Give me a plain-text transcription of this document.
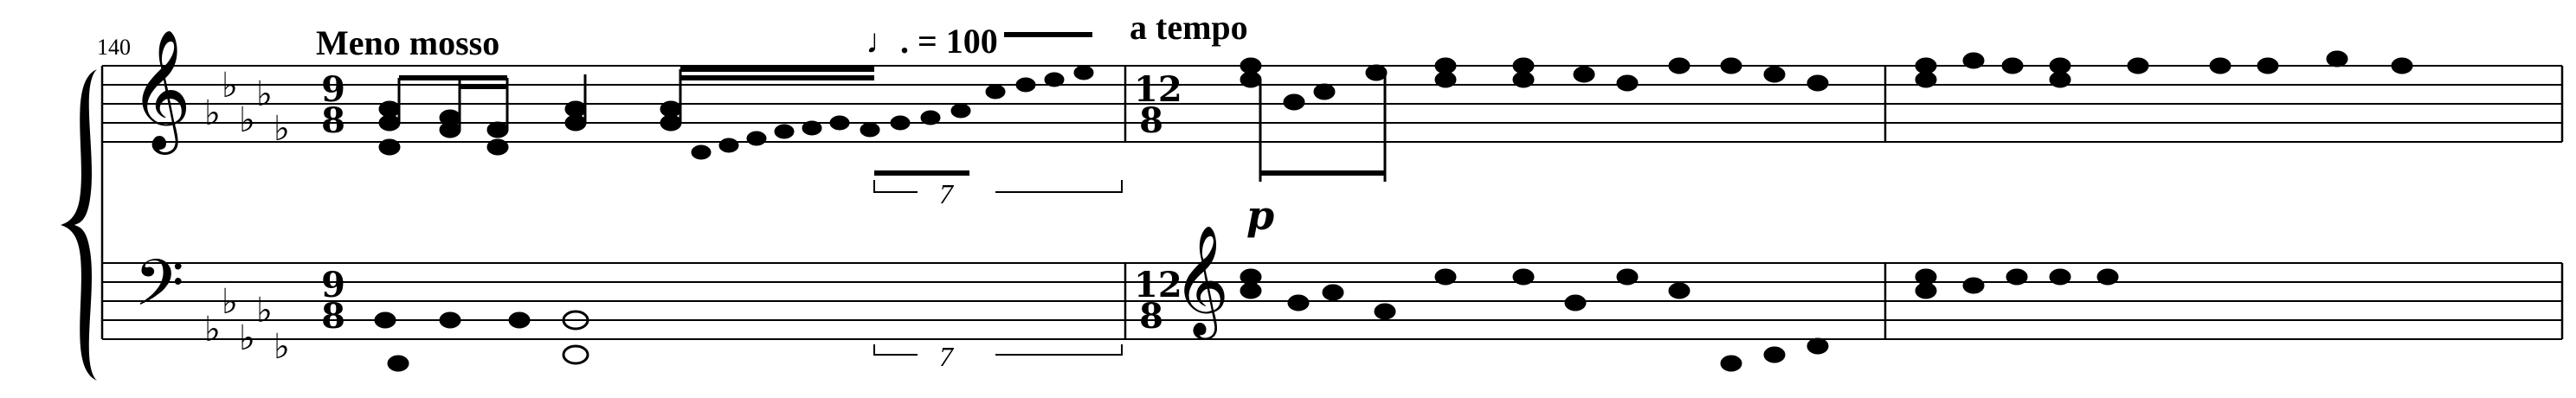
♭
♭
♭
♭
♭
♭
♭
♭
♭
♭
140	Meno mosso	♩. = 100	a tempo
p
7
7
𝄞
𝄢	𝄞
9
8
9
8
12
8
12
8
